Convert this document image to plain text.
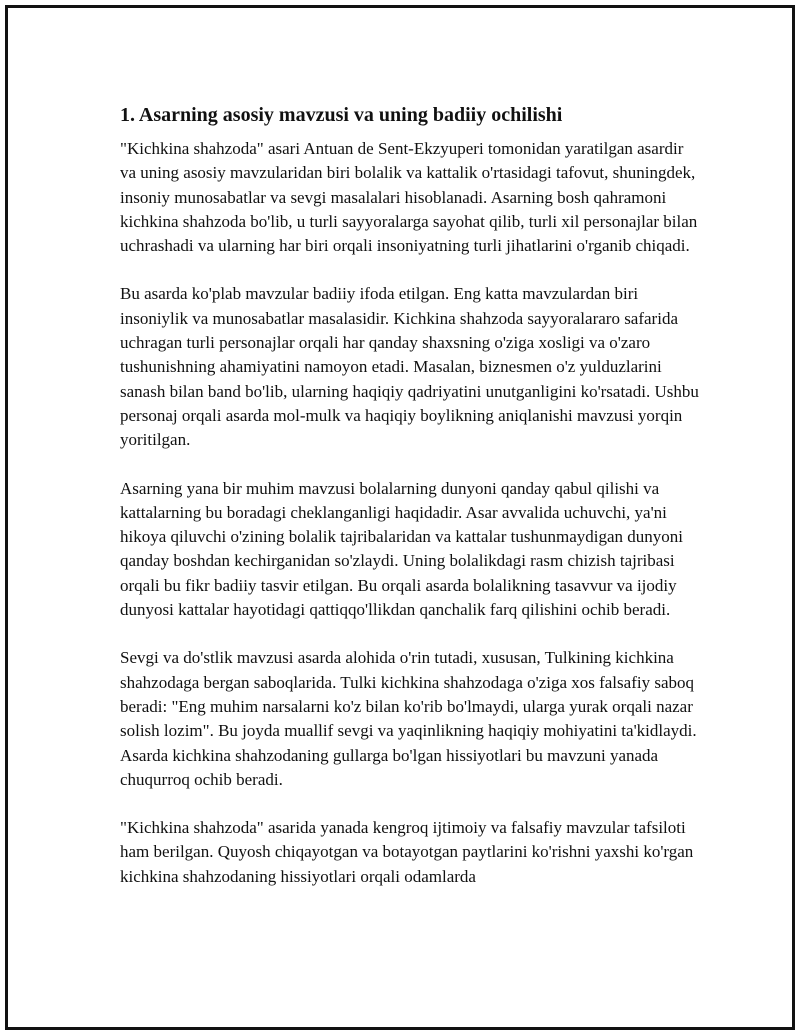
1. Asarning asosiy mavzusi va uning badiiy ochilishi

"Kichkina shahzoda" asari Antuan de Sent-Ekzyuperi tomonidan yaratilgan asardir va uning asosiy mavzularidan biri bolalik va kattalik o'rtasidagi tafovut, shuningdek, insoniy munosabatlar va sevgi masalalari hisoblanadi. Asarning bosh qahramoni kichkina shahzoda bo'lib, u turli sayyoralarga sayohat qilib, turli xil personajlar bilan uchrashadi va ularning har biri orqali insoniyatning turli jihatlarini o'rganib chiqadi.

Bu asarda ko'plab mavzular badiiy ifoda etilgan. Eng katta mavzulardan biri insoniylik va munosabatlar masalasidir. Kichkina shahzoda sayyoralararo safarida uchragan turli personajlar orqali har qanday shaxsning o'ziga xosligi va o'zaro tushunishning ahamiyatini namoyon etadi. Masalan, biznesmen o'z yulduzlarini sanash bilan band bo'lib, ularning haqiqiy qadriyatini unutganligini ko'rsatadi. Ushbu personaj orqali asarda mol-mulk va haqiqiy boylikning aniqlanishi mavzusi yorqin yoritilgan.

Asarning yana bir muhim mavzusi bolalarning dunyoni qanday qabul qilishi va kattalarning bu boradagi cheklanganligi haqidadir. Asar avvalida uchuvchi, ya'ni hikoya qiluvchi o'zining bolalik tajribalaridan va kattalar tushunmaydigan dunyoni qanday boshdan kechirganidan so'zlaydi. Uning bolalikdagi rasm chizish tajribasi orqali bu fikr badiiy tasvir etilgan. Bu orqali asarda bolalikning tasavvur va ijodiy dunyosi kattalar hayotidagi qattiqqo'llikdan qanchalik farq qilishini ochib beradi.

Sevgi va do'stlik mavzusi asarda alohida o'rin tutadi, xususan, Tulkining kichkina shahzodaga bergan saboqlarida. Tulki kichkina shahzodaga o'ziga xos falsafiy saboq beradi: "Eng muhim narsalarni ko'z bilan ko'rib bo'lmaydi, ularga yurak orqali nazar solish lozim". Bu joyda muallif sevgi va yaqinlikning haqiqiy mohiyatini ta'kidlaydi. Asarda kichkina shahzodaning gullarga bo'lgan hissiyotlari bu mavzuni yanada chuqurroq ochib beradi.

"Kichkina shahzoda" asarida yanada kengroq ijtimoiy va falsafiy mavzular tafsiloti ham berilgan. Quyosh chiqayotgan va botayotgan paytlarini ko'rishni yaxshi ko'rgan kichkina shahzodaning hissiyotlari orqali odamlarda
